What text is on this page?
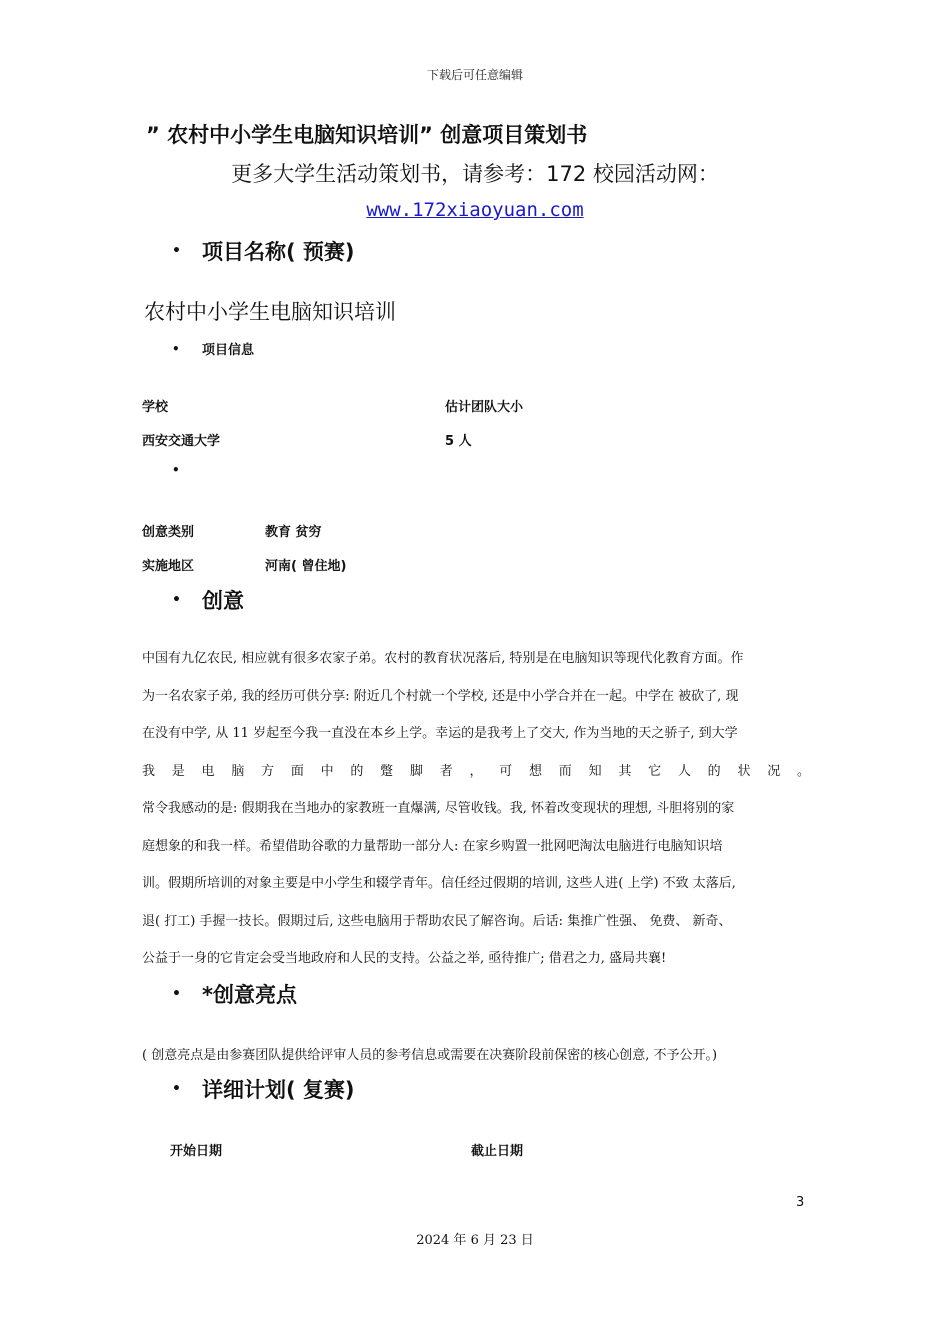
下载后可任意编辑
” 农村中小学生电脑知识培训” 创意项目策划书
更多大学生活动策划书，请参考：172 校园活动网：
www.172xiaoyuan.com
•	项目名称( 预赛)
农村中小学生电脑知识培训
•	项目信息
学校	估计团队大小
西安交通大学	5 人
•
创意类别	教育 贫穷
实施地区	河南( 曾住地)
•	创意
中国有九亿农民, 相应就有很多农家子弟。农村的教育状况落后, 特别是在电脑知识等现代化教育方面。作
为一名农家子弟, 我的经历可供分享: 附近几个村就一个学校, 还是中小学合并在一起。中学在 被砍了, 现
在没有中学, 从 11 岁起至今我一直没在本乡上学。幸运的是我考上了交大, 作为当地的天之骄子, 到大学
我 是 电 脑 方 面 中 的 蹩 脚 者 ， 可 想 而 知 其 它 人 的 状 况 。
常令我感动的是: 假期我在当地办的家教班一直爆满, 尽管收钱。我, 怀着改变现状的理想, 斗胆将别的家
庭想象的和我一样。希望借助谷歌的力量帮助一部分人: 在家乡购置一批网吧淘汰电脑进行电脑知识培
训。假期所培训的对象主要是中小学生和辍学青年。信任经过假期的培训, 这些人进( 上学) 不致 太落后,
退( 打工) 手握一技长。假期过后, 这些电脑用于帮助农民了解咨询。后话: 集推广性强、 免费、 新奇、
公益于一身的它肯定会受当地政府和人民的支持。公益之举, 亟待推广; 借君之力, 盛局共襄!
•	*创意亮点
( 创意亮点是由参赛团队提供给评审人员的参考信息或需要在决赛阶段前保密的核心创意, 不予公开。)
•	详细计划( 复赛)
开始日期	截止日期
3
2024 年 6 月 23 日
